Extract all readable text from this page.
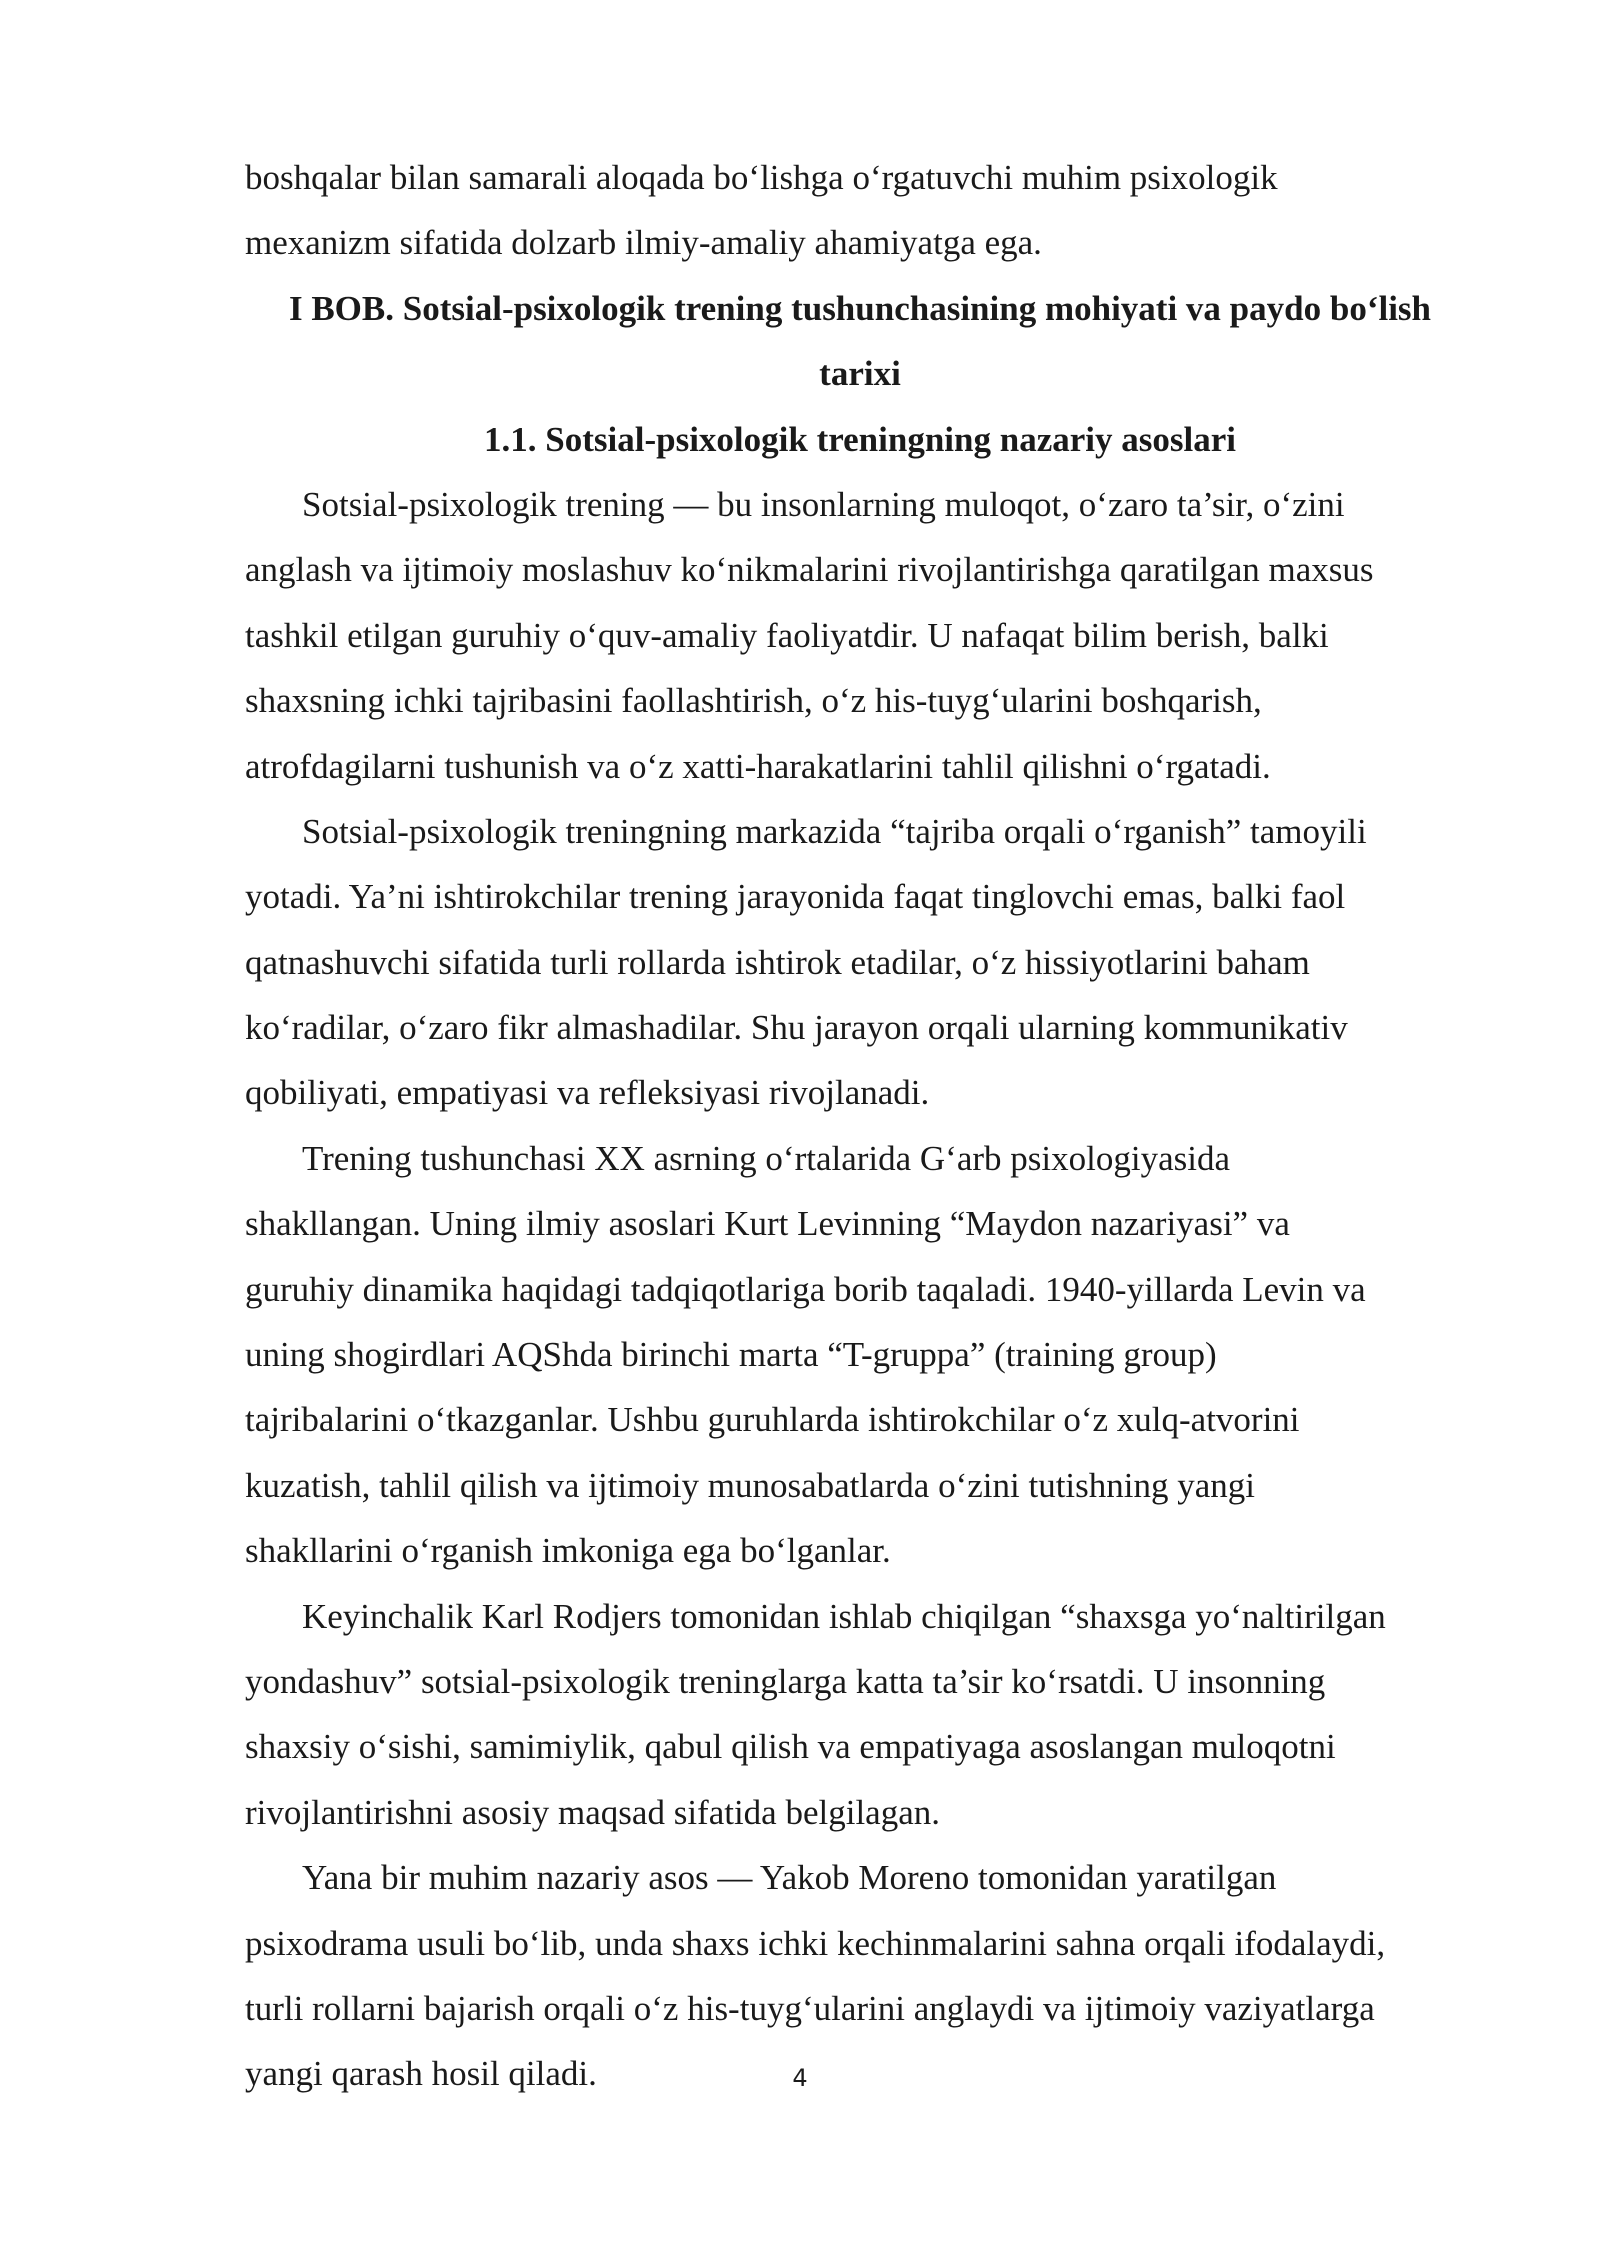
boshqalar bilan samarali aloqada bo‘lishga o‘rgatuvchi muhim psixologik
mexanizm sifatida dolzarb ilmiy-amaliy ahamiyatga ega.
I BOB. Sotsial-psixologik trening tushunchasining mohiyati va paydo bo‘lish
tarixi
1.1. Sotsial-psixologik treningning nazariy asoslari
Sotsial-psixologik trening — bu insonlarning muloqot, o‘zaro ta’sir, o‘zini
anglash va ijtimoiy moslashuv ko‘nikmalarini rivojlantirishga qaratilgan maxsus
tashkil etilgan guruhiy o‘quv-amaliy faoliyatdir. U nafaqat bilim berish, balki
shaxsning ichki tajribasini faollashtirish, o‘z his-tuyg‘ularini boshqarish,
atrofdagilarni tushunish va o‘z xatti-harakatlarini tahlil qilishni o‘rgatadi.
Sotsial-psixologik treningning markazida “tajriba orqali o‘rganish” tamoyili
yotadi. Ya’ni ishtirokchilar trening jarayonida faqat tinglovchi emas, balki faol
qatnashuvchi sifatida turli rollarda ishtirok etadilar, o‘z hissiyotlarini baham
ko‘radilar, o‘zaro fikr almashadilar. Shu jarayon orqali ularning kommunikativ
qobiliyati, empatiyasi va refleksiyasi rivojlanadi.
Trening tushunchasi XX asrning o‘rtalarida G‘arb psixologiyasida
shakllangan. Uning ilmiy asoslari Kurt Levinning “Maydon nazariyasi” va
guruhiy dinamika haqidagi tadqiqotlariga borib taqaladi. 1940-yillarda Levin va
uning shogirdlari AQShda birinchi marta “T-gruppa” (training group)
tajribalarini o‘tkazganlar. Ushbu guruhlarda ishtirokchilar o‘z xulq-atvorini
kuzatish, tahlil qilish va ijtimoiy munosabatlarda o‘zini tutishning yangi
shakllarini o‘rganish imkoniga ega bo‘lganlar.
Keyinchalik Karl Rodjers tomonidan ishlab chiqilgan “shaxsga yo‘naltirilgan
yondashuv” sotsial-psixologik treninglarga katta ta’sir ko‘rsatdi. U insonning
shaxsiy o‘sishi, samimiylik, qabul qilish va empatiyaga asoslangan muloqotni
rivojlantirishni asosiy maqsad sifatida belgilagan.
Yana bir muhim nazariy asos — Yakob Moreno tomonidan yaratilgan
psixodrama usuli bo‘lib, unda shaxs ichki kechinmalarini sahna orqali ifodalaydi,
turli rollarni bajarish orqali o‘z his-tuyg‘ularini anglaydi va ijtimoiy vaziyatlarga
yangi qarash hosil qiladi.	4
